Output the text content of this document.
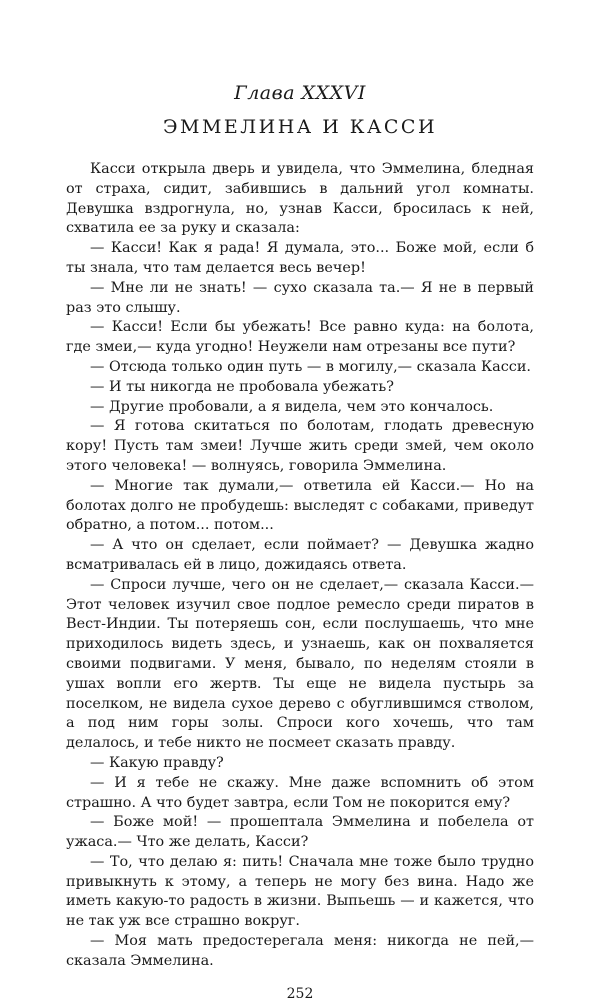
Глава XXXVI
ЭММЕЛИНА И КАССИ

Касси открыла дверь и увидела, что Эммелина, бледная от страха, сидит, забившись в дальний угол комнаты. Девушка вздрогнула, но, узнав Касси, бросилась к ней, схватила ее за руку и сказала:

— Касси! Как я рада! Я думала, это... Боже мой, если б ты знала, что там делается весь вечер!

— Мне ли не знать! — сухо сказала та.— Я не в первый раз это слышу.

— Касси! Если бы убежать! Все равно куда: на болота, где змеи,— куда угодно! Неужели нам отрезаны все пути?

— Отсюда только один путь — в могилу,— сказала Касси.

— И ты никогда не пробовала убежать?

— Другие пробовали, а я видела, чем это кончалось.

— Я готова скитаться по болотам, глодать древесную кору! Пусть там змеи! Лучше жить среди змей, чем около этого человека! — волнуясь, говорила Эммелина.

— Многие так думали,— ответила ей Касси.— Но на болотах долго не пробудешь: выследят с собаками, приведут обратно, а потом... потом...

— А что он сделает, если поймает? — Девушка жадно всматривалась ей в лицо, дожидаясь ответа.

— Спроси лучше, чего он не сделает,— сказала Касси.— Этот человек изучил свое подлое ремесло среди пиратов в Вест-Индии. Ты потеряешь сон, если послушаешь, что мне приходилось видеть здесь, и узнаешь, как он похваляется своими подвигами. У меня, бывало, по неделям стояли в ушах вопли его жертв. Ты еще не видела пустырь за поселком, не видела сухое дерево с обуглившимся стволом, а под ним горы золы. Спроси кого хочешь, что там делалось, и тебе никто не посмеет сказать правду.

— Какую правду?

— И я тебе не скажу. Мне даже вспомнить об этом страшно. А что будет завтра, если Том не покорится ему?

— Боже мой! — прошептала Эммелина и побелела от ужаса.— Что же делать, Касси?

— То, что делаю я: пить! Сначала мне тоже было трудно привыкнуть к этому, а теперь не могу без вина. Надо же иметь какую-то радость в жизни. Выпьешь — и кажется, что не так уж все страшно вокруг.

— Моя мать предостерегала меня: никогда не пей,— сказала Эммелина.

252
